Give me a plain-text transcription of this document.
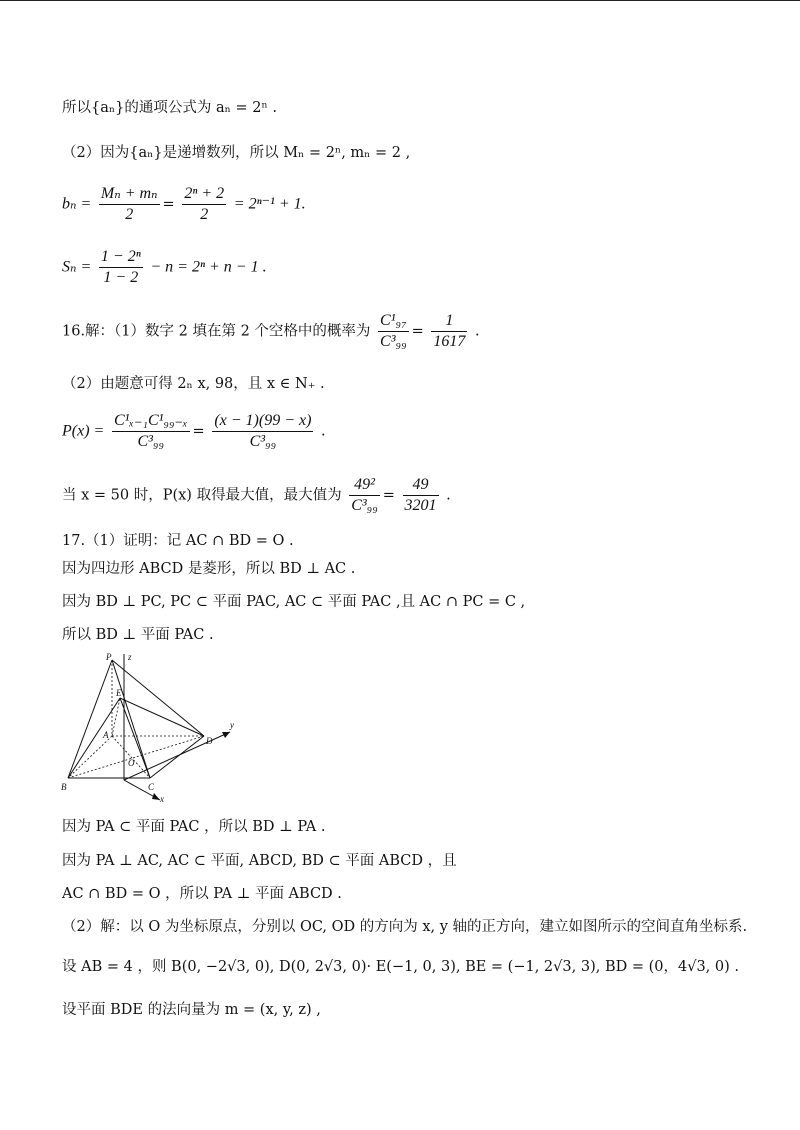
所以{aₙ}的通项公式为 aₙ = 2ⁿ .
（2）因为{aₙ}是递增数列，所以 Mₙ = 2ⁿ, mₙ = 2 ,
$b_n = \frac{\text{Mₙ + mₙ}}{2} = \frac{\text{2ⁿ + 2}}{2} = 2^{n-1} + 1$.
$S_n = \frac{\text{1 − 2ⁿ}}{1 - 2} - n = 2^n + n - 1$ .
16.解：（1）数字 2 填在第 2 个空格中的概率为 $\frac{\text{C¹₉₇}}{\text{C³₉₉}} = \frac{1}{1617}$ .
（2）由题意可得 2ₙ x, 98，且 x ∈ N₊ .
$P(x) = \frac{\text{C¹ₓ₋₁C¹₉₉₋ₓ}}{\text{C³₉₉}} = \frac{(x - 1)(99 - x)}{\text{C³₉₉}}$ .
当 x = 50 时，P(x) 取得最大值，最大值为 $\frac{\text{49²}}{\text{C³₉₉}} = \frac{49}{3201}$ .
17.（1）证明：记 AC ∩ BD = O .
因为四边形 ABCD 是菱形，所以 BD ⊥ AC .
因为 BD ⊥ PC, PC ⊂ 平面 PAC, AC ⊂ 平面 PAC ,且 AC ∩ PC = C ,
所以 BD ⊥ 平面 PAC .
P z
E
A
O
D
y
B	C
x
因为 PA ⊂ 平面 PAC ，所以 BD ⊥ PA .
因为 PA ⊥ AC, AC ⊂ 平面, ABCD, BD ⊂ 平面 ABCD ，且
AC ∩ BD = O ，所以 PA ⊥ 平面 ABCD .
（2）解：以 O 为坐标原点，分别以 OC, OD 的方向为 x, y 轴的正方向，建立如图所示的空间直角坐标系.
设 AB = 4 ，则 B(0, −2√3, 0), D(0, 2√3, 0)· E(−1, 0, 3), BE = (−1, 2√3, 3), BD = (0，4√3, 0) .
设平面 BDE 的法向量为 m = (x, y, z) ,
